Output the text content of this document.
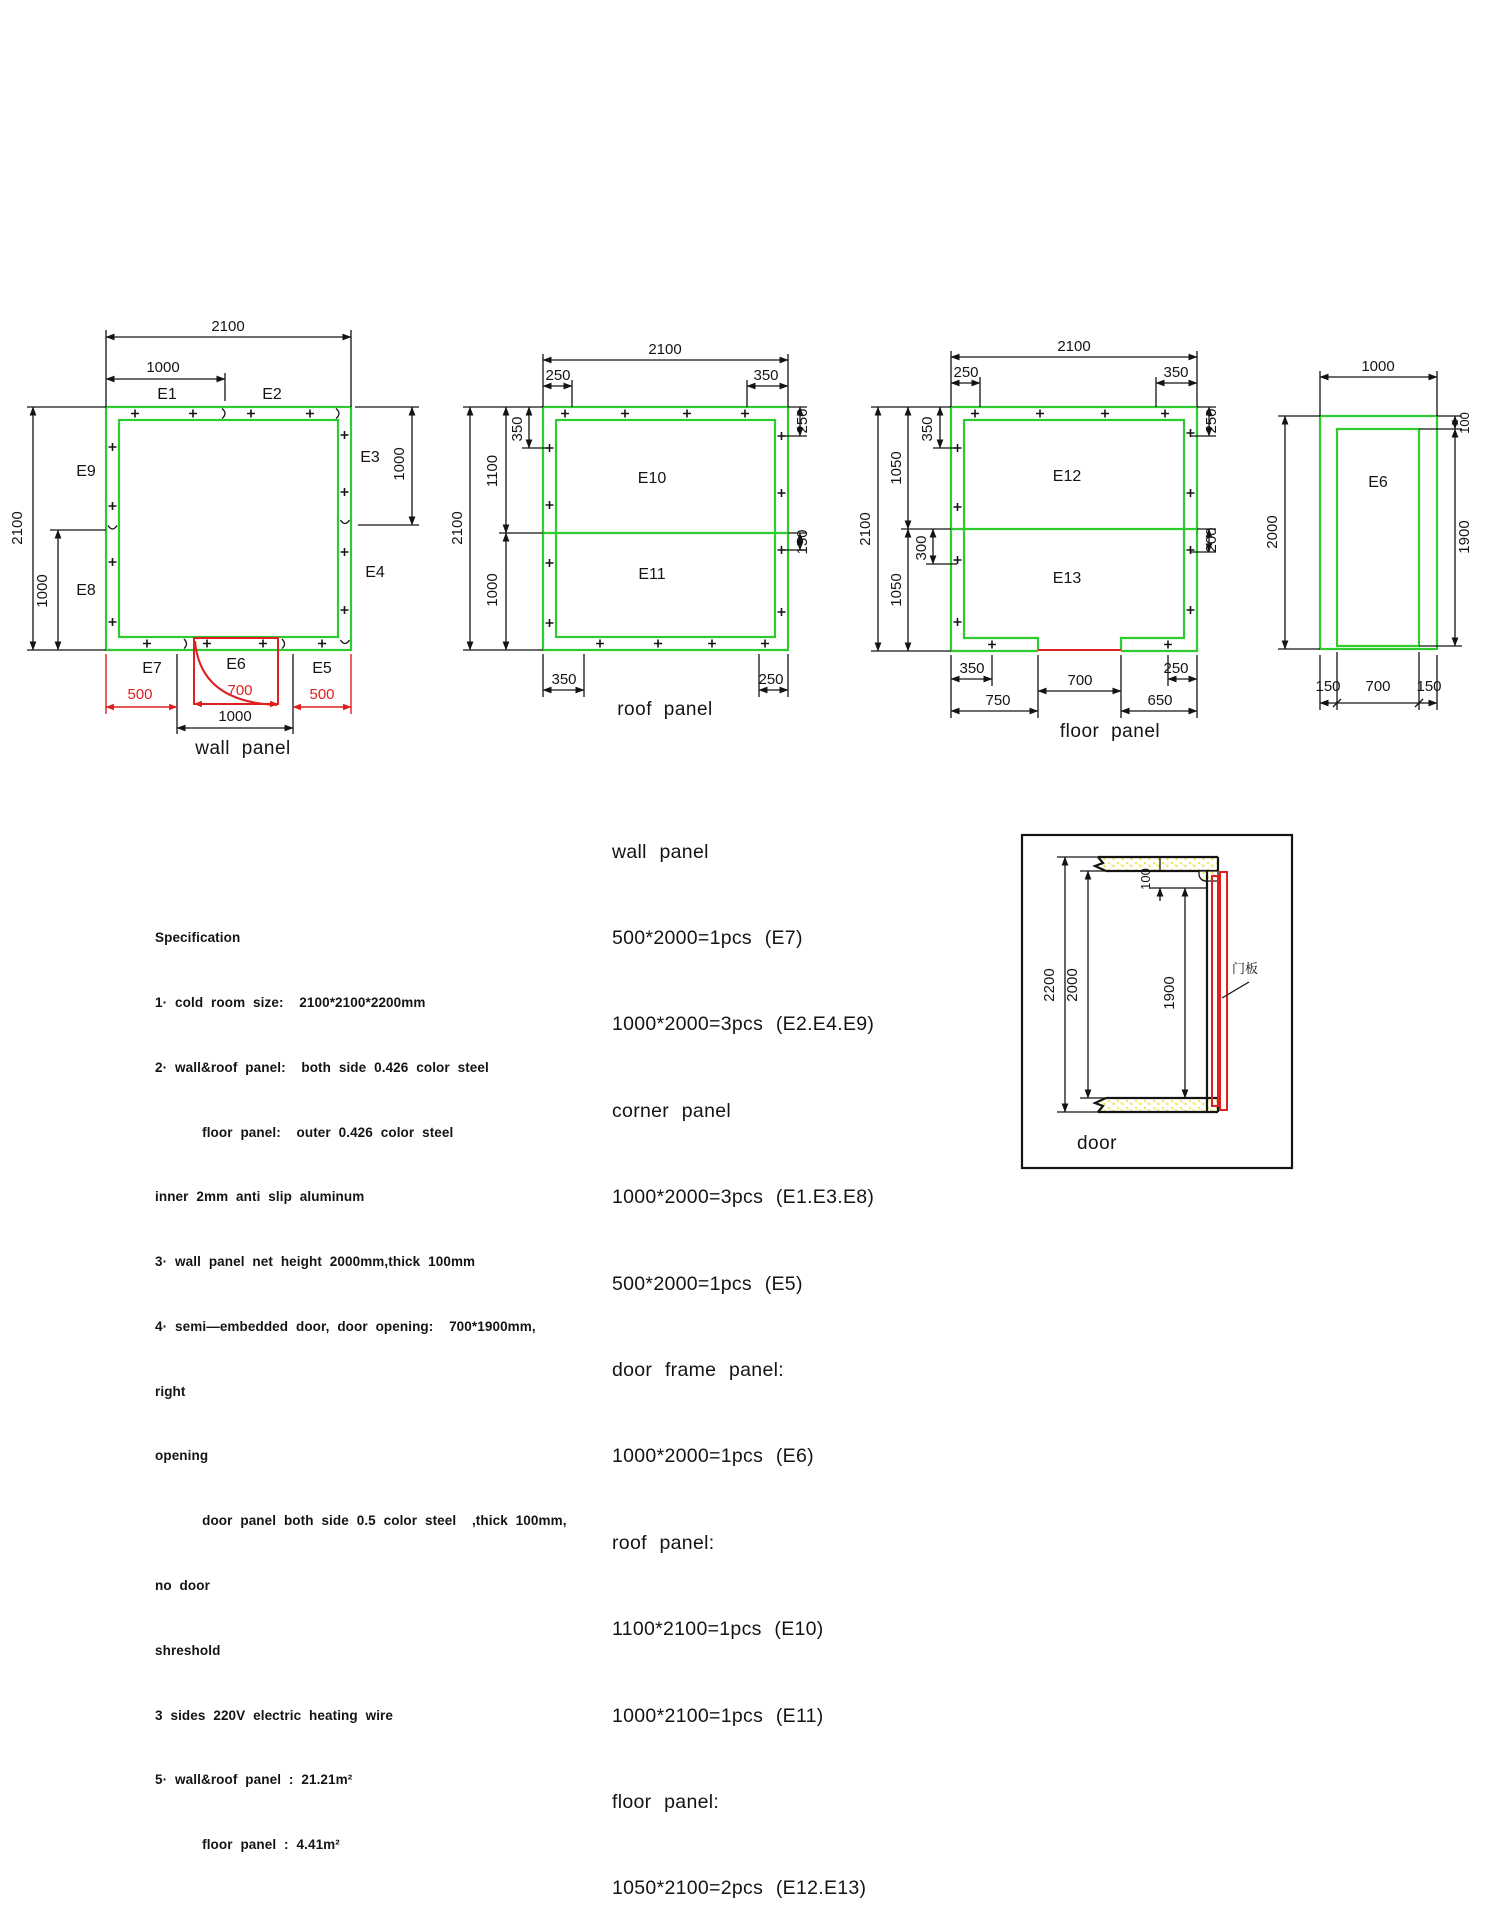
2100
1000
E1	E2
2100
1000
E9
E8
E3 1000
E4
E7	E6	E5
500	700	500
1000
wall panel
2100
250	350
2100
1100
1000
350	250
150
350	250
E10
E11
roof panel
2100
250	350
2100
1050
1050
350
300
250
200
350
700
250
750	650
E12
E13
floor panel
1000
2000
100
1900
150 700 150
E6
门板
2200 2000	1900
100
door

Specification

1· cold room size:  2100*2100*2200mm

2· wall&roof panel:  both side 0.426 color steel

floor panel:  outer 0.426 color steel

inner 2mm anti slip aluminum

3· wall panel net height 2000mm,thick 100mm

4· semi—embedded door, door opening:  700*1900mm,

right

opening

door panel both side 0.5 color steel  ,thick 100mm,

no door

shreshold

3 sides 220V electric heating wire

5· wall&roof panel : 21.21m²

floor panel : 4.41m²

wall panel

500*2000=1pcs (E7)

1000*2000=3pcs (E2.E4.E9)

corner panel

1000*2000=3pcs (E1.E3.E8)

500*2000=1pcs (E5)

door frame panel:

1000*2000=1pcs (E6)

roof panel:

1100*2100=1pcs (E10)

1000*2100=1pcs (E11)

floor panel:

1050*2100=2pcs (E12.E13)
